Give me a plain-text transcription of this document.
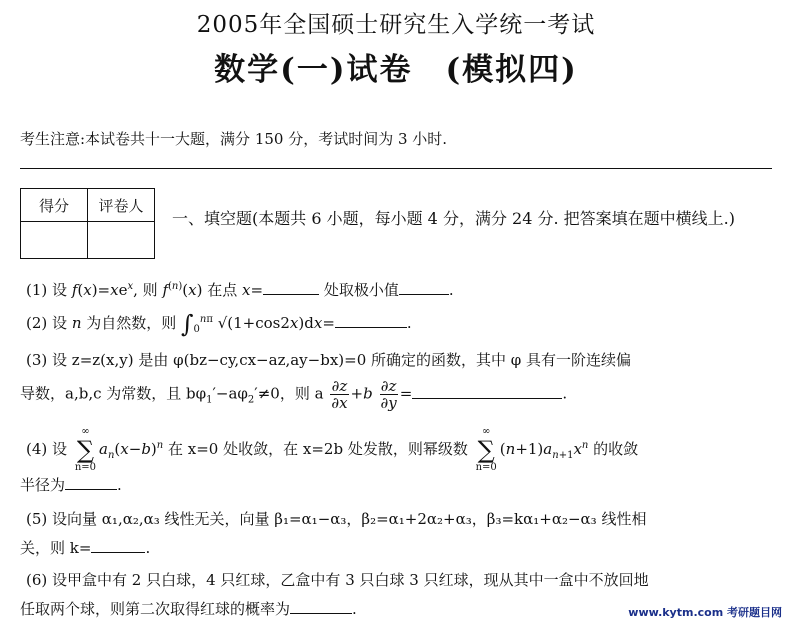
2005年全国硕士研究生入学统一考试
数学(一)试卷　(模拟四)
考生注意:本试卷共十一大题，满分 150 分，考试时间为 3 小时.
得分	评卷人

一、填空题(本题共 6 小题，每小题 4 分，满分 24 分. 把答案填在题中横线上.)
(1) 设 $f(x)=xe^x$, 则 $f^{(n)}(x)$ 在点 x=	处取极小值	.
(2) 设 n 为自然数，则 $\int_0^{n\pi}$ √(1+cos2x)dx=	.
(3) 设 z=z(x,y) 是由 φ(bz−cy,cx−az,ay−bx)=0 所确定的函数，其中 φ 具有一阶连续偏
导数，a,b,c 为常数，且 $b\varphi_1'-a\varphi_2'\ne 0$，则 a $\frac{\partial z}{\partial x} +b \frac{\partial z}{\partial y}$ =	.
(4) 设
∞
∑
n=0
$a_n(x-b)^n$ 在 x=0 处收敛，在 x=2b 处发散，则幂级数
∞
∑
n=0
$(n+1)a_{n+1}x^n$ 的收敛
半径为	.
(5) 设向量 α₁,α₂,α₃ 线性无关，向量 β₁=α₁−α₃，β₂=α₁+2α₂+α₃，β₃=kα₁+α₂−α₃ 线性相
关，则 k=	.
(6) 设甲盒中有 2 只白球，4 只红球，乙盒中有 3 只白球 3 只红球，现从其中一盒中不放回地
任取两个球，则第二次取得红球的概率为	.	www.kytm.com 考研题目网
